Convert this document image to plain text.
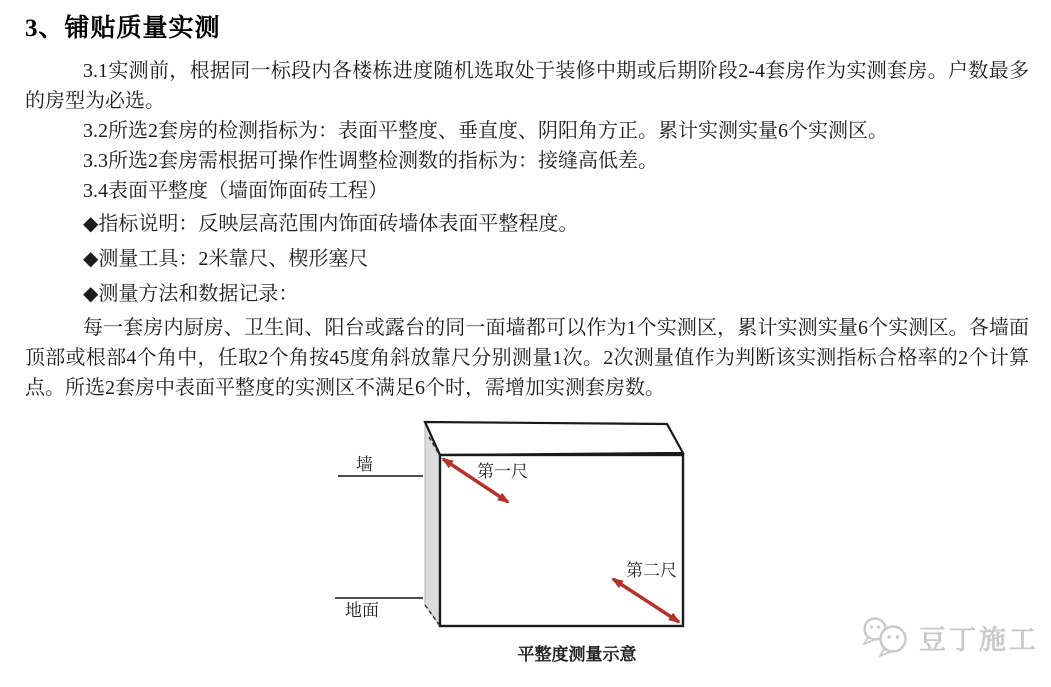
3、铺贴质量实测

3.1实测前，根据同一标段内各楼栋进度随机选取处于装修中期或后期阶段2-4套房作为实测套房。户数最多的房型为必选。

3.2所选2套房的检测指标为：表面平整度、垂直度、阴阳角方正。累计实测实量6个实测区。

3.3所选2套房需根据可操作性调整检测数的指标为：接缝高低差。

3.4表面平整度（墙面饰面砖工程）

◆指标说明：反映层高范围内饰面砖墙体表面平整程度。

◆测量工具：2米靠尺、楔形塞尺

◆测量方法和数据记录：

每一套房内厨房、卫生间、阳台或露台的同一面墙都可以作为1个实测区，累计实测实量6个实测区。各墙面顶部或根部4个角中，任取2个角按45度角斜放靠尺分别测量1次。2次测量值作为判断该实测指标合格率的2个计算点。所选2套房中表面平整度的实测区不满足6个时，需增加实测套房数。

墙
地面
第一尺
第二尺
平整度测量示意	豆丁施工
